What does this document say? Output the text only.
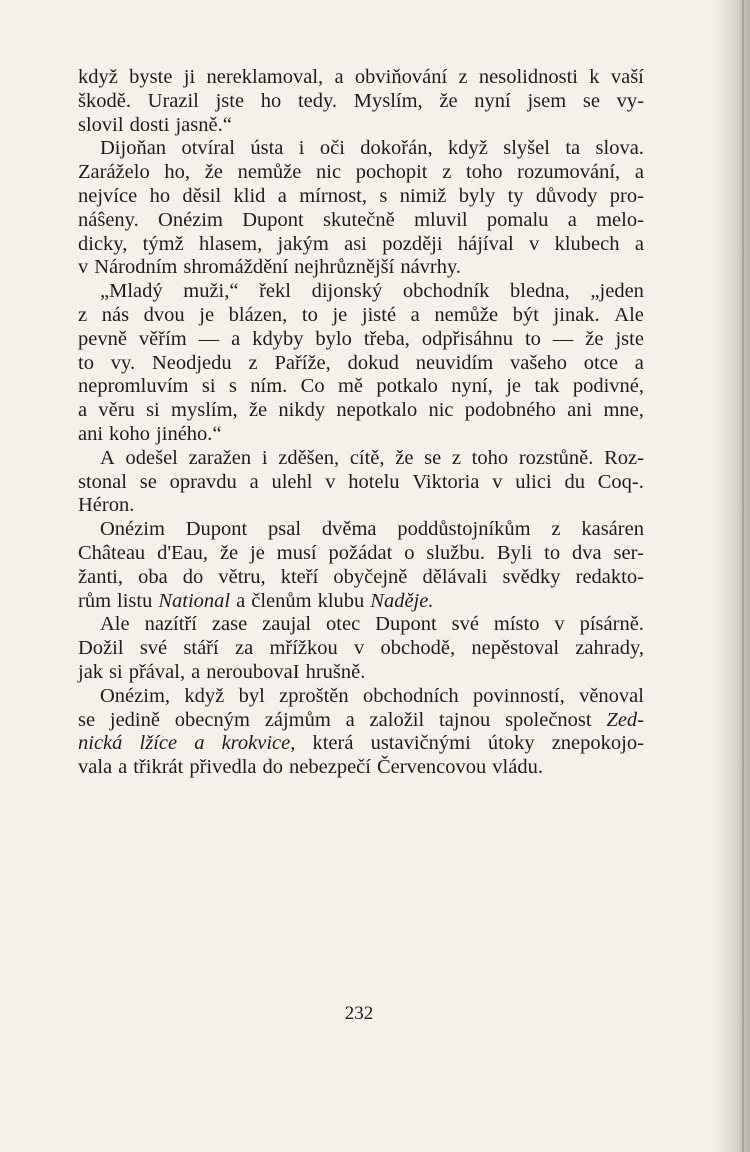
když byste ji nereklamoval, a obviňování z nesolidnosti k vaší
škodě. Urazil jste ho tedy. Myslím, že nyní jsem se vy-
slovil dosti jasně.“
Dijoňan otvíral ústa i oči dokořán, když slyšel ta slova.
Zaráželo ho, že nemůže nic pochopit z toho rozumování, a
nejvíce ho děsil klid a mírnost, s nimiž byly ty důvody pro-
náŝeny. Onézim Dupont skutečně mluvil pomalu a melo-
dicky, týmž hlasem, jakým asi později hájíval v klubech a
v Národním shromáždění nejhrůznější návrhy.
„Mladý muži,“ řekl dijonský obchodník bledna, „jeden
z nás dvou je blázen, to je jisté a nemůže být jinak. Ale
pevně věřím — a kdyby bylo třeba, odpřisáhnu to — že jste
to vy. Neodjedu z Paříže, dokud neuvidím vašeho otce a
nepromluvím si s ním. Co mě potkalo nyní, je tak podivné,
a věru si myslím, že nikdy nepotkalo nic podobného ani mne,
ani koho jiného.“
A odešel zaražen i zděšen, cítě, že se z toho rozstůně. Roz-
stonal se opravdu a ulehl v hotelu Viktoria v ulici du Coq-.
Héron.
Onézim Dupont psal dvěma poddůstojníkům z kasáren
Château d'Eau, že je musí požádat o službu. Byli to dva ser-
žanti, oba do větru, kteří obyčejně dělávali svědky redakto-
rům listu National a členům klubu Naděje.
Ale nazítří zase zaujal otec Dupont své místo v písárně.
Dožil své stáří za mřížkou v obchodě, nepěstoval zahrady,
jak si přával, a neroubovaI hrušně.
Onézim, když byl zproštěn obchodních povinností, věnoval
se jedině obecným zájmům a založil tajnou společnost Zed-
nická lžíce a krokvice, která ustavičnými útoky znepokojo-
vala a třikrát přivedla do nebezpečí Červencovou vládu.
232
